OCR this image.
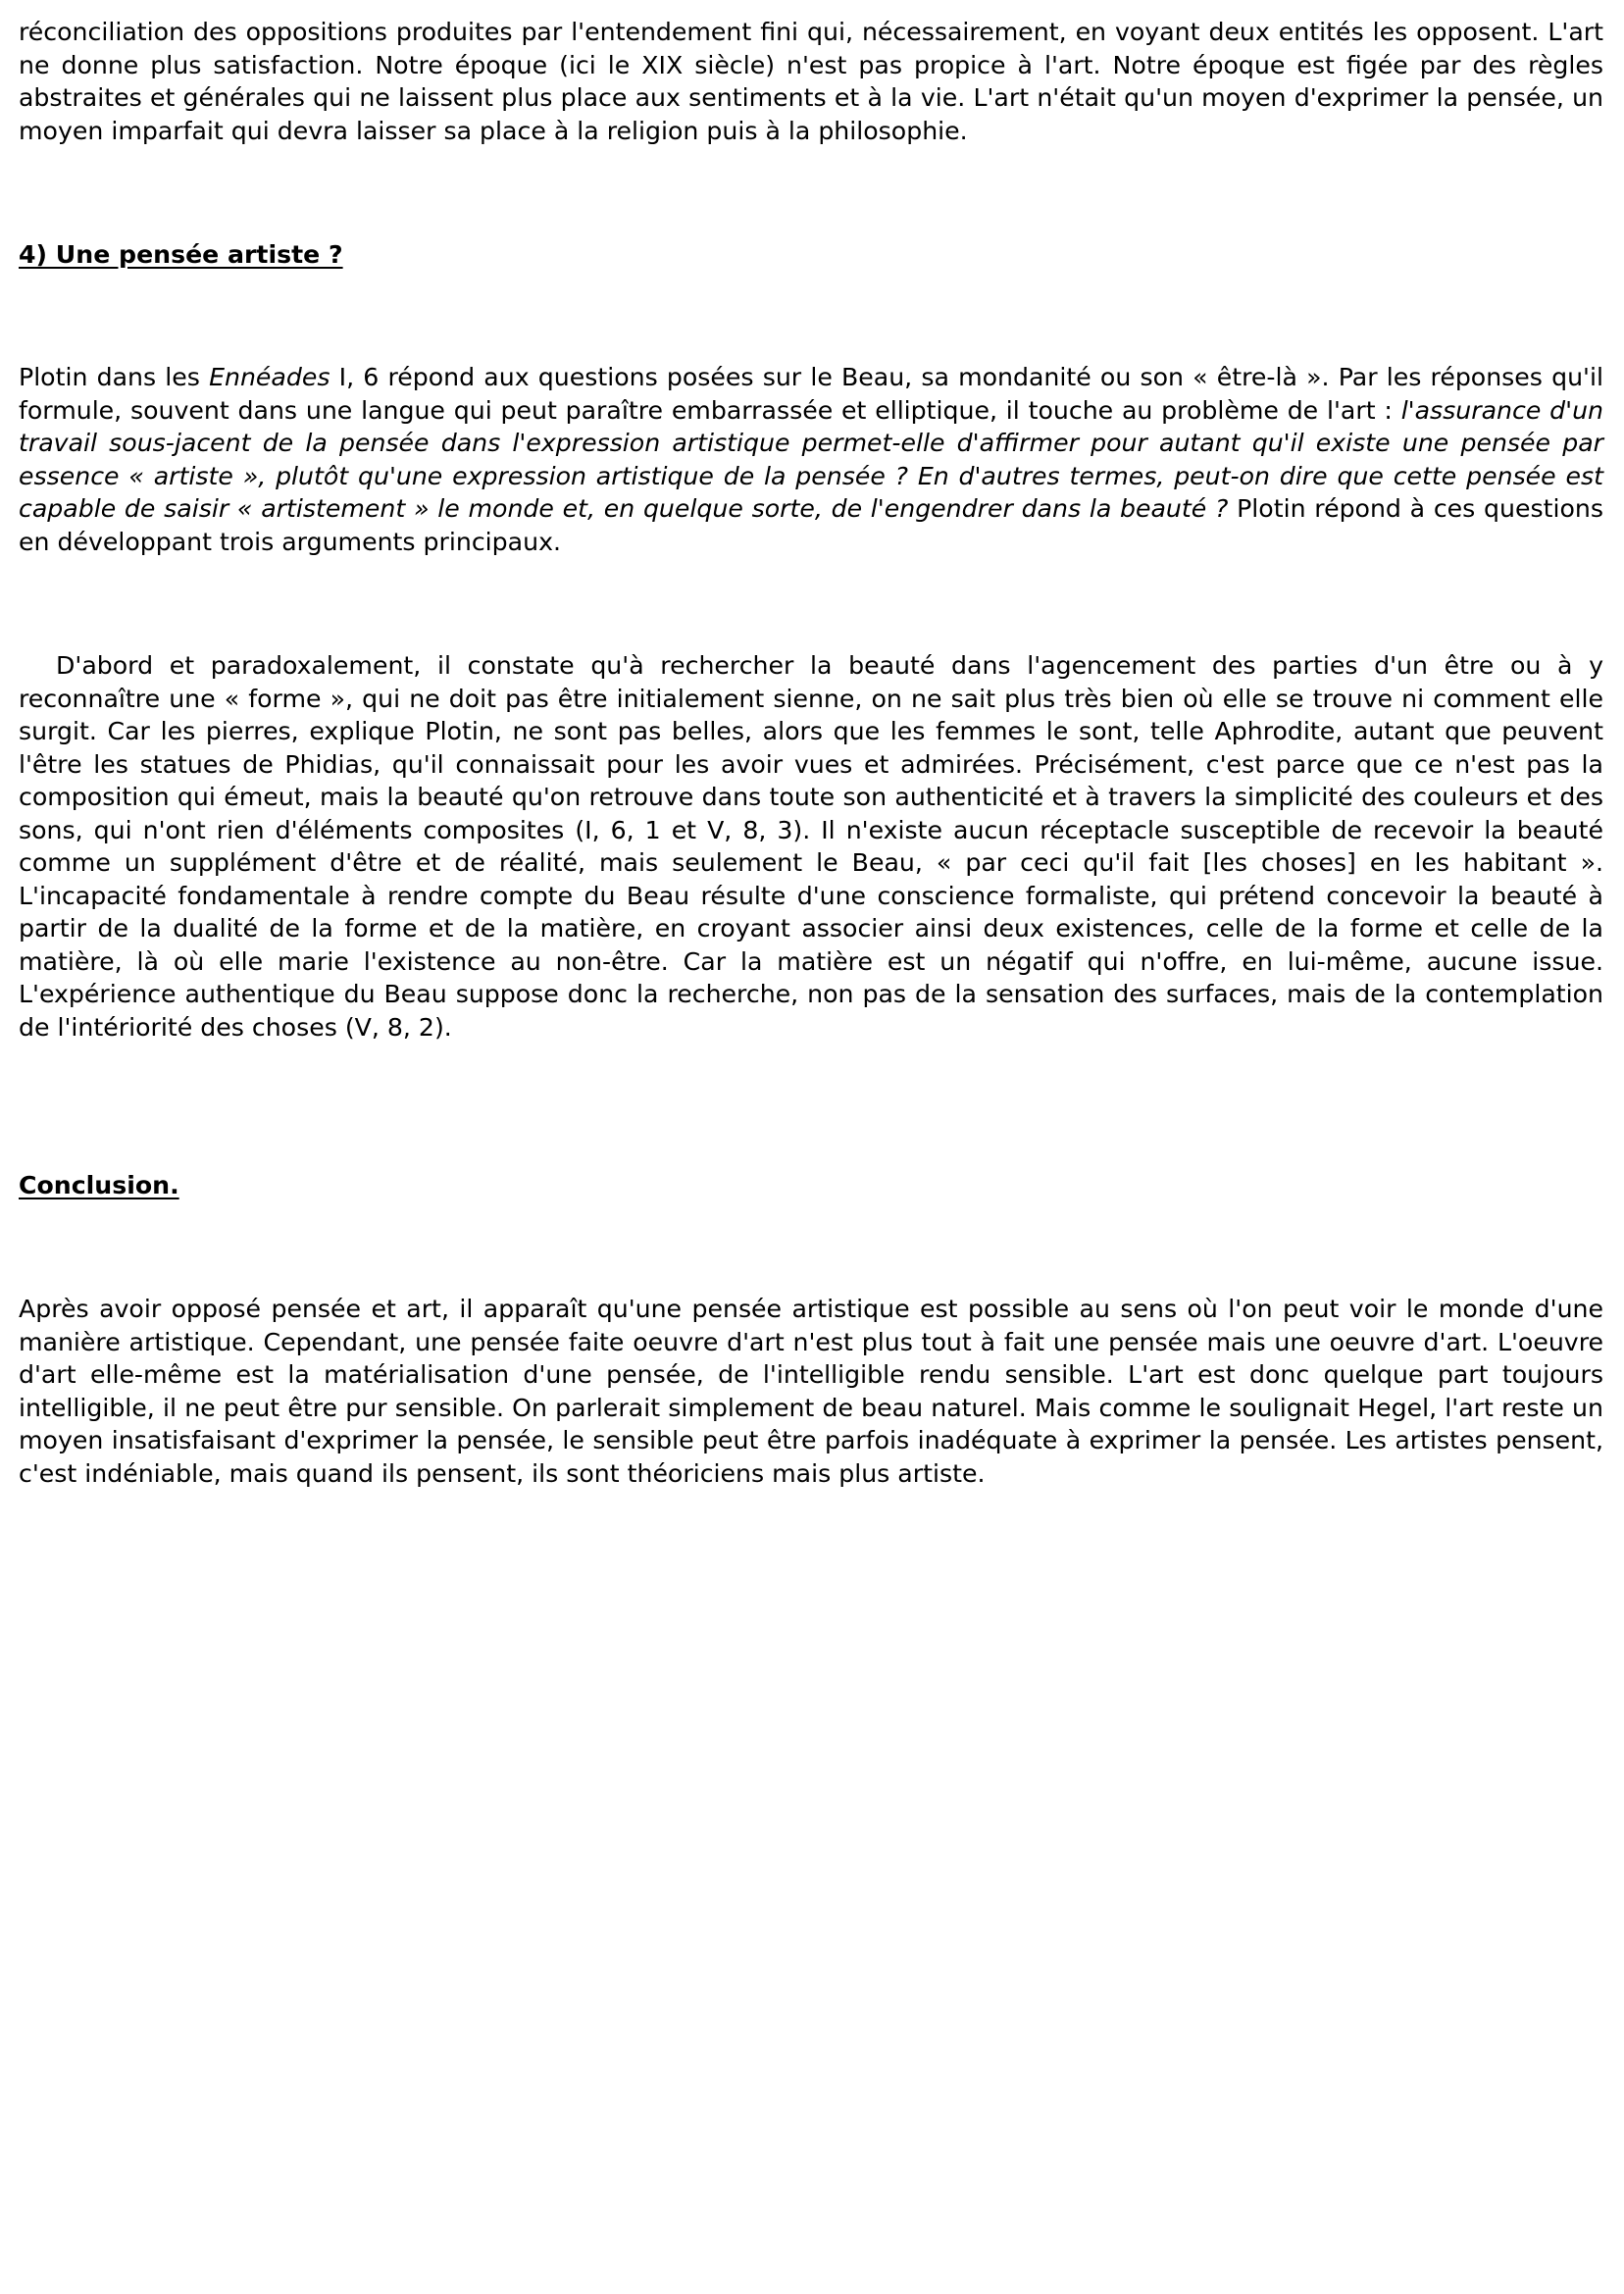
réconciliation des oppositions produites par l'entendement fini qui, nécessairement, en voyant deux entités les opposent. L'art ne donne plus satisfaction. Notre époque (ici le XIX siècle) n'est pas propice à l'art. Notre époque est figée par des règles abstraites et générales qui ne laissent plus place aux sentiments et à la vie. L'art n'était qu'un moyen d'exprimer la pensée, un moyen imparfait qui devra laisser sa place à la religion puis à la philosophie.

4) Une pensée artiste ?

Plotin dans les Ennéades I, 6 répond aux questions posées sur le Beau, sa mondanité ou son « être-là ». Par les réponses qu'il formule, souvent dans une langue qui peut paraître embarrassée et elliptique, il touche au problème de l'art : l'assurance d'un travail sous-jacent de la pensée dans l'expression artistique permet-elle d'affirmer pour autant qu'il existe une pensée par essence « artiste », plutôt qu'une expression artistique de la pensée ? En d'autres termes, peut-on dire que cette pensée est capable de saisir « artistement » le monde et, en quelque sorte, de l'engendrer dans la beauté ? Plotin répond à ces questions en développant trois arguments principaux.

D'abord et paradoxalement, il constate qu'à rechercher la beauté dans l'agencement des parties d'un être ou à y reconnaître une « forme », qui ne doit pas être initialement sienne, on ne sait plus très bien où elle se trouve ni comment elle surgit. Car les pierres, explique Plotin, ne sont pas belles, alors que les femmes le sont, telle Aphrodite, autant que peuvent l'être les statues de Phidias, qu'il connaissait pour les avoir vues et admirées. Précisément, c'est parce que ce n'est pas la composition qui émeut, mais la beauté qu'on retrouve dans toute son authenticité et à travers la simplicité des couleurs et des sons, qui n'ont rien d'éléments composites (I, 6, 1 et V, 8, 3). Il n'existe aucun réceptacle susceptible de recevoir la beauté comme un supplément d'être et de réalité, mais seulement le Beau, « par ceci qu'il fait [les choses] en les habitant ». L'incapacité fondamentale à rendre compte du Beau résulte d'une conscience formaliste, qui prétend concevoir la beauté à partir de la dualité de la forme et de la matière, en croyant associer ainsi deux existences, celle de la forme et celle de la matière, là où elle marie l'existence au non-être. Car la matière est un négatif qui n'offre, en lui-même, aucune issue. L'expérience authentique du Beau suppose donc la recherche, non pas de la sensation des surfaces, mais de la contemplation de l'intériorité des choses (V, 8, 2).

Conclusion.

Après avoir opposé pensée et art, il apparaît qu'une pensée artistique est possible au sens où l'on peut voir le monde d'une manière artistique. Cependant, une pensée faite oeuvre d'art n'est plus tout à fait une pensée mais une oeuvre d'art. L'oeuvre d'art elle-même est la matérialisation d'une pensée, de l'intelligible rendu sensible. L'art est donc quelque part toujours intelligible, il ne peut être pur sensible. On parlerait simplement de beau naturel. Mais comme le soulignait Hegel, l'art reste un moyen insatisfaisant d'exprimer la pensée, le sensible peut être parfois inadéquate à exprimer la pensée. Les artistes pensent, c'est indéniable, mais quand ils pensent, ils sont théoriciens mais plus artiste.
